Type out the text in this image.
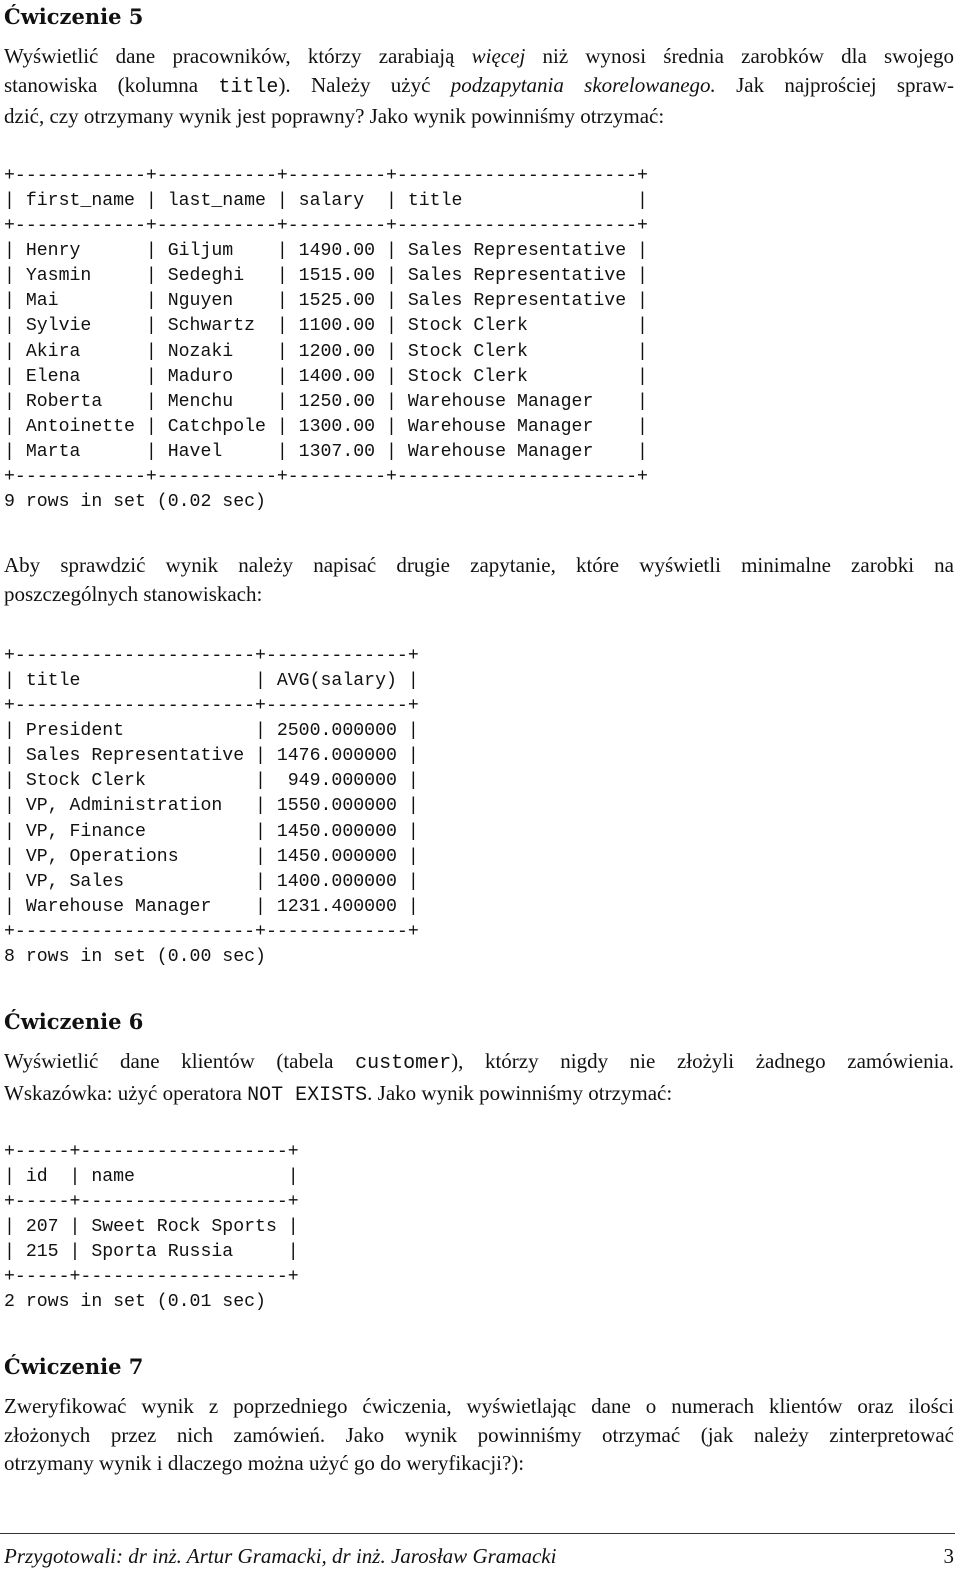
Ćwiczenie 5
Wyświetlić dane pracowników, którzy zarabiają więcej niż wynosi średnia zarobków dla swojego
stanowiska (kolumna title). Należy użyć podzapytania skorelowanego. Jak najprościej spraw-
dzić, czy otrzymany wynik jest poprawny? Jako wynik powinniśmy otrzymać:
+------------+-----------+---------+----------------------+
| first_name | last_name | salary  | title                |
+------------+-----------+---------+----------------------+
| Henry      | Giljum    | 1490.00 | Sales Representative |
| Yasmin     | Sedeghi   | 1515.00 | Sales Representative |
| Mai        | Nguyen    | 1525.00 | Sales Representative |
| Sylvie     | Schwartz  | 1100.00 | Stock Clerk          |
| Akira      | Nozaki    | 1200.00 | Stock Clerk          |
| Elena      | Maduro    | 1400.00 | Stock Clerk          |
| Roberta    | Menchu    | 1250.00 | Warehouse Manager    |
| Antoinette | Catchpole | 1300.00 | Warehouse Manager    |
| Marta      | Havel     | 1307.00 | Warehouse Manager    |
+------------+-----------+---------+----------------------+
9 rows in set (0.02 sec)
Aby sprawdzić wynik należy napisać drugie zapytanie, które wyświetli minimalne zarobki na
poszczególnych stanowiskach:
+----------------------+-------------+
| title                | AVG(salary) |
+----------------------+-------------+
| President            | 2500.000000 |
| Sales Representative | 1476.000000 |
| Stock Clerk          |  949.000000 |
| VP, Administration   | 1550.000000 |
| VP, Finance          | 1450.000000 |
| VP, Operations       | 1450.000000 |
| VP, Sales            | 1400.000000 |
| Warehouse Manager    | 1231.400000 |
+----------------------+-------------+
8 rows in set (0.00 sec)
Ćwiczenie 6
Wyświetlić dane klientów (tabela customer), którzy nigdy nie złożyli żadnego zamówienia.
Wskazówka: użyć operatora NOT EXISTS. Jako wynik powinniśmy otrzymać:
+-----+-------------------+
| id  | name              |
+-----+-------------------+
| 207 | Sweet Rock Sports |
| 215 | Sporta Russia     |
+-----+-------------------+
2 rows in set (0.01 sec)
Ćwiczenie 7
Zweryfikować wynik z poprzedniego ćwiczenia, wyświetlając dane o numerach klientów oraz ilości
złożonych przez nich zamówień. Jako wynik powinniśmy otrzymać (jak należy zinterpretować
otrzymany wynik i dlaczego można użyć go do weryfikacji?):
Przygotowali: dr inż. Artur Gramacki, dr inż. Jarosław Gramacki	3
